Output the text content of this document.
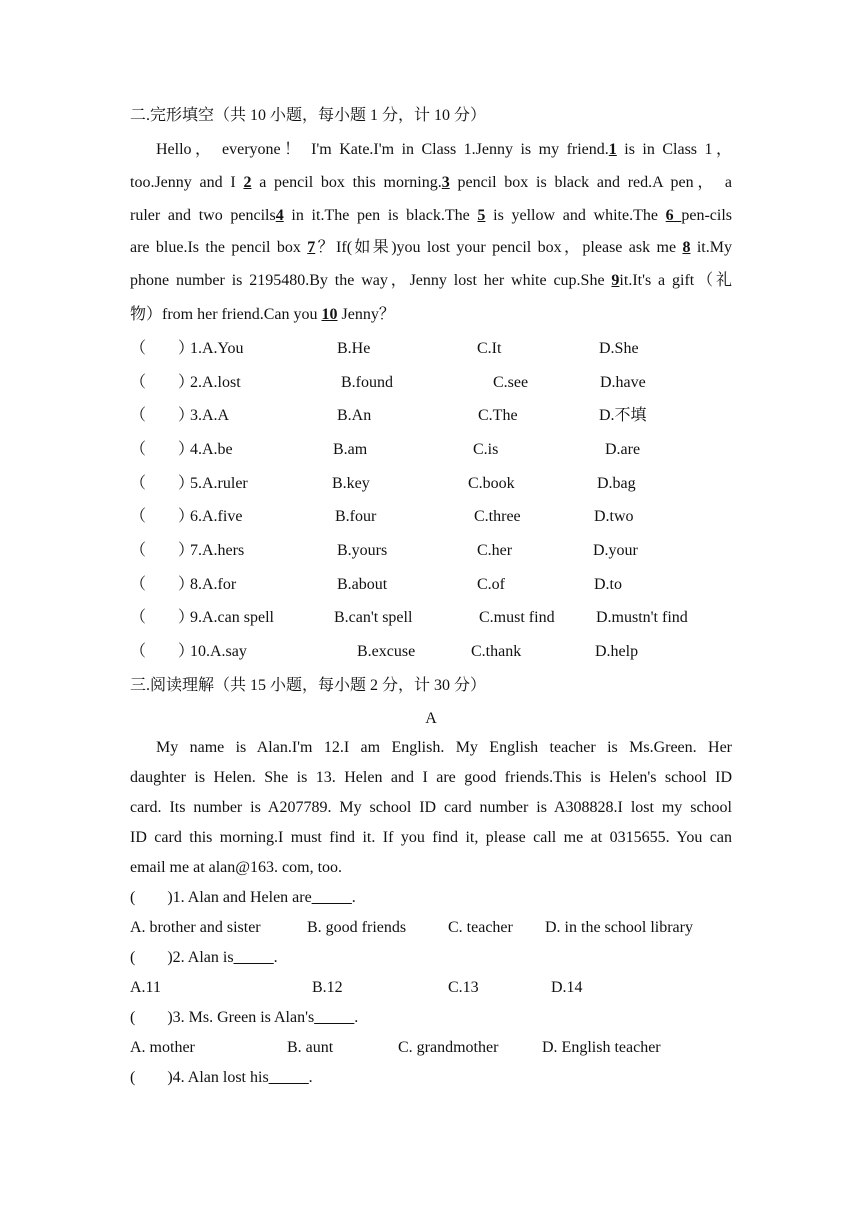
二.完形填空（共 10 小题，每小题 1 分，计 10 分）
Hello， everyone！ I'm Kate.I'm in Class 1.Jenny is my friend.1 is in Class 1，
too.Jenny and I 2 a pencil box this morning.3 pencil box is black and red.A pen， a
ruler and two pencils4 in it.The pen is black.The 5 is yellow and white.The 6 pen-cils
are blue.Is the pencil box 7？If(如果)you lost your pencil box，please ask me 8 it.My
phone number is 2195480.By the way，Jenny lost her white cup.She 9it.It's a gift（礼
物）from her friend.Can you 10 Jenny？
（　　）
1.A.You	B.He	C.It	D.She
（　　）
2.A.lost	B.found	C.see	D.have
（　　）
3.A.A	B.An	C.The	D.不填
（　　）
4.A.be	B.am	C.is	D.are
（　　）
5.A.ruler	B.key	C.book	D.bag
（　　）
6.A.five	B.four	C.three	D.two
（　　）
7.A.hers	B.yours	C.her	D.your
（　　）
8.A.for	B.about	C.of	D.to
（　　）
9.A.can spell	B.can't spell	C.must find	D.mustn't find
（　　）
10.A.say	B.excuse	C.thank	D.help
三.阅读理解（共 15 小题，每小题 2 分，计 30 分）
A
My name is Alan.I'm 12.I am English. My English teacher is Ms.Green. Her
daughter is Helen. She is 13. Helen and I are good friends.This is Helen's school ID
card. Its number is A207789. My school ID card number is A308828.I lost my school
ID card this morning.I must find it. If you find it, please call me at 0315655. You can
email me at alan@163. com, too.
(　　)1. Alan and Helen are_____.
A. brother and sister	B. good friends	C. teacher D. in the school library
(　　)2. Alan is_____.
A.11	B.12	C.13	D.14
(　　)3. Ms. Green is Alan's_____.
A. mother	B. aunt	C. grandmother	D. English teacher
(　　)4. Alan lost his_____.
